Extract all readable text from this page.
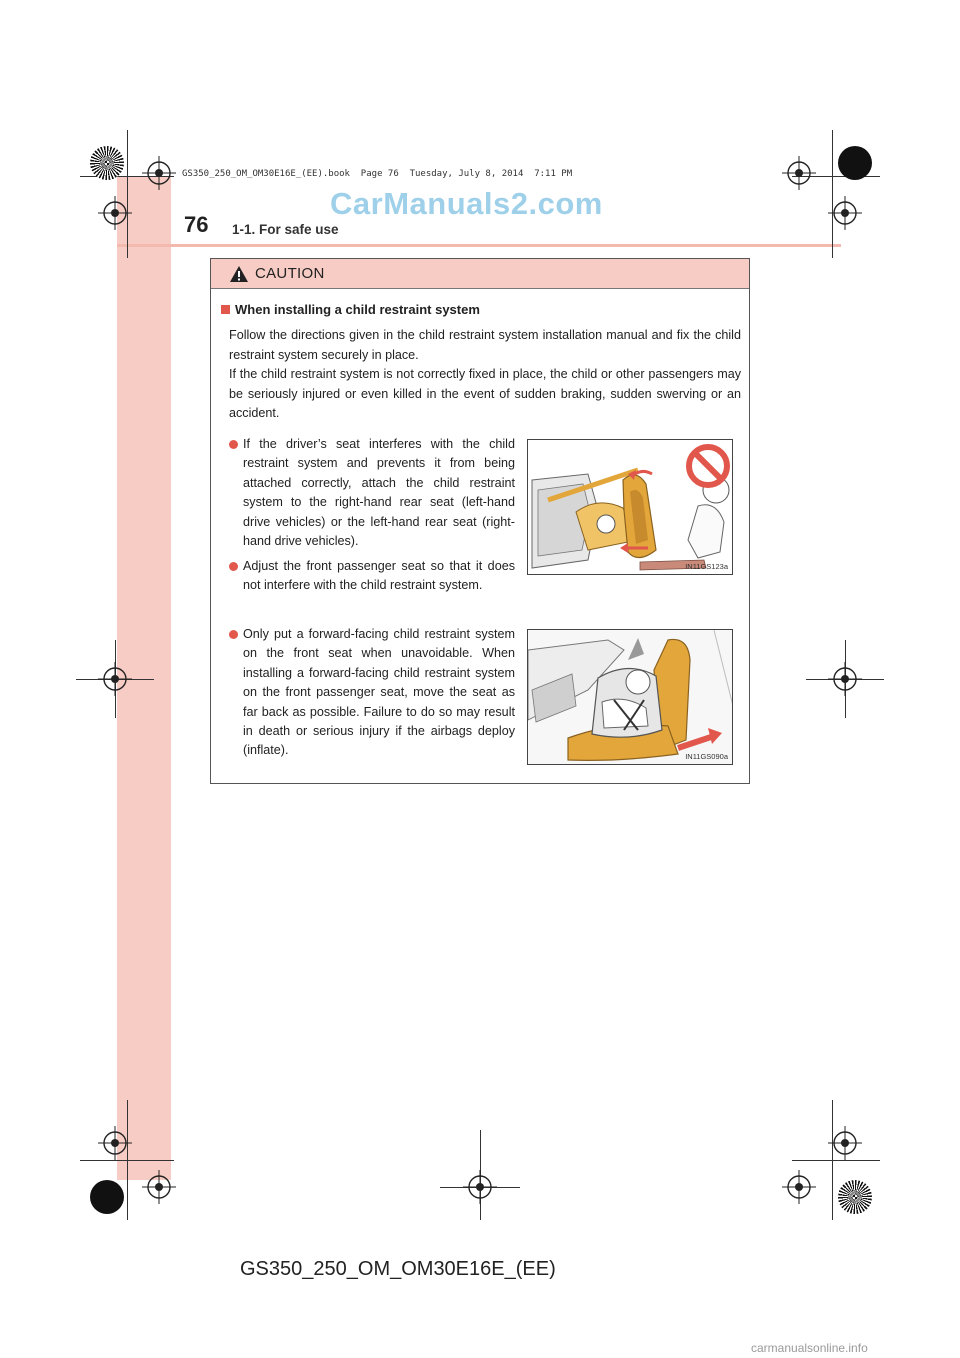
GS350_250_OM_OM30E16E_(EE).book  Page 76  Tuesday, July 8, 2014  7:11 PM
CarManuals2.com
76 1-1. For safe use
CAUTION
When installing a child restraint system

Follow the directions given in the child restraint system installation manual and fix the child restraint system securely in place.
If the child restraint system is not correctly fixed in place, the child or other passengers may be seriously injured or even killed in the event of sudden braking, sudden swerving or an accident.

If the driver’s seat interferes with the child restraint system and prevents it from being attached correctly, attach the child restraint system to the right-hand rear seat (left-hand drive vehicles) or the left-hand rear seat (right-hand drive vehicles).
Adjust the front passenger seat so that it does not interfere with the child restraint system.
Only put a forward-facing child restraint system on the front seat when unavoidable. When installing a forward-facing child restraint system on the front passenger seat, move the seat as far back as possible. Failure to do so may result in death or serious injury if the airbags deploy (inflate).
IN11GS123a
IN11GS090a
GS350_250_OM_OM30E16E_(EE)
carmanualsonline.info
